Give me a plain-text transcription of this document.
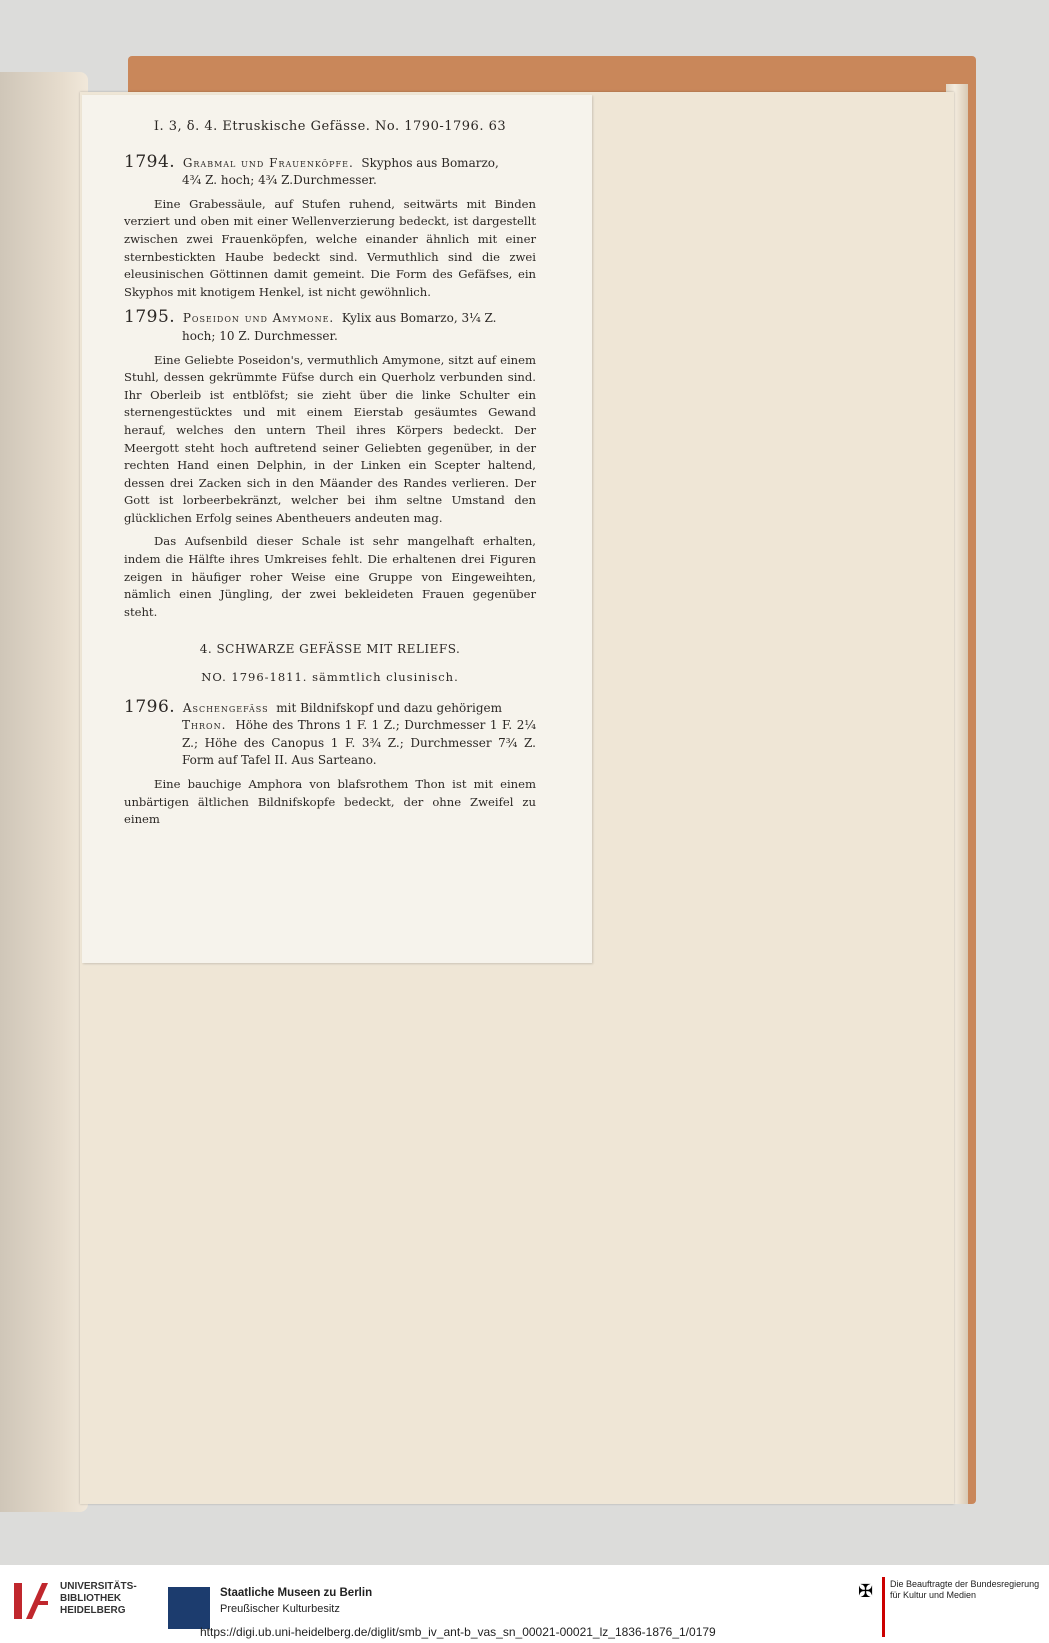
I. 3, δ. 4. Etruskische Gefässe. No. 1790-1796. 63
1794. Grabmal und Frauenköpfe. Skyphos aus Bomarzo,
4¾ Z. hoch; 4¾ Z.Durchmesser.

Eine Grabessäule, auf Stufen ruhend, seitwärts mit Binden verziert und oben mit einer Wellenverzierung bedeckt, ist dargestellt zwischen zwei Frauenköpfen, welche einander ähnlich mit einer sternbestickten Haube bedeckt sind. Vermuthlich sind die zwei eleusinischen Göttinnen damit gemeint. Die Form des Gefäfses, ein Skyphos mit knotigem Henkel, ist nicht gewöhnlich.

1795. Poseidon und Amymone. Kylix aus Bomarzo, 3¼ Z.
hoch; 10 Z. Durchmesser.

Eine Geliebte Poseidon's, vermuthlich Amymone, sitzt auf einem Stuhl, dessen gekrümmte Füfse durch ein Querholz verbunden sind. Ihr Oberleib ist entblöfst; sie zieht über die linke Schulter ein sternengestücktes und mit einem Eierstab gesäumtes Gewand herauf, welches den untern Theil ihres Körpers bedeckt. Der Meergott steht hoch auftretend seiner Geliebten gegenüber, in der rechten Hand einen Delphin, in der Linken ein Scepter haltend, dessen drei Zacken sich in den Mäander des Randes verlieren. Der Gott ist lorbeerbekränzt, welcher bei ihm seltne Umstand den glücklichen Erfolg seines Abentheuers andeuten mag.

Das Aufsenbild dieser Schale ist sehr mangelhaft erhalten, indem die Hälfte ihres Umkreises fehlt. Die erhaltenen drei Figuren zeigen in häufiger roher Weise eine Gruppe von Eingeweihten, nämlich einen Jüngling, der zwei bekleideten Frauen gegenüber steht.

4. SCHWARZE GEFÄSSE MIT RELIEFS.
NO. 1796-1811. sämmtlich clusinisch.
1796. Aschengefäss mit Bildnifskopf und dazu gehörigem
Thron. Höhe des Throns 1 F. 1 Z.; Durchmesser 1 F. 2¼ Z.; Höhe des Canopus 1 F. 3¾ Z.; Durchmesser 7¾ Z. Form auf Tafel II. Aus Sarteano.

Eine bauchige Amphora von blafsrothem Thon ist mit einem unbärtigen ältlichen Bildnifskopfe bedeckt, der ohne Zweifel zu einem

UNIVERSITÄTS-
BIBLIOTHEK
HEIDELBERG
Staatliche Museen zu Berlin
Preußischer Kulturbesitz
✠ Die Beauftragte der Bundesregierung
für Kultur und Medien
https://digi.ub.uni-heidelberg.de/diglit/smb_iv_ant-b_vas_sn_00021-00021_lz_1836-1876_1/0179
